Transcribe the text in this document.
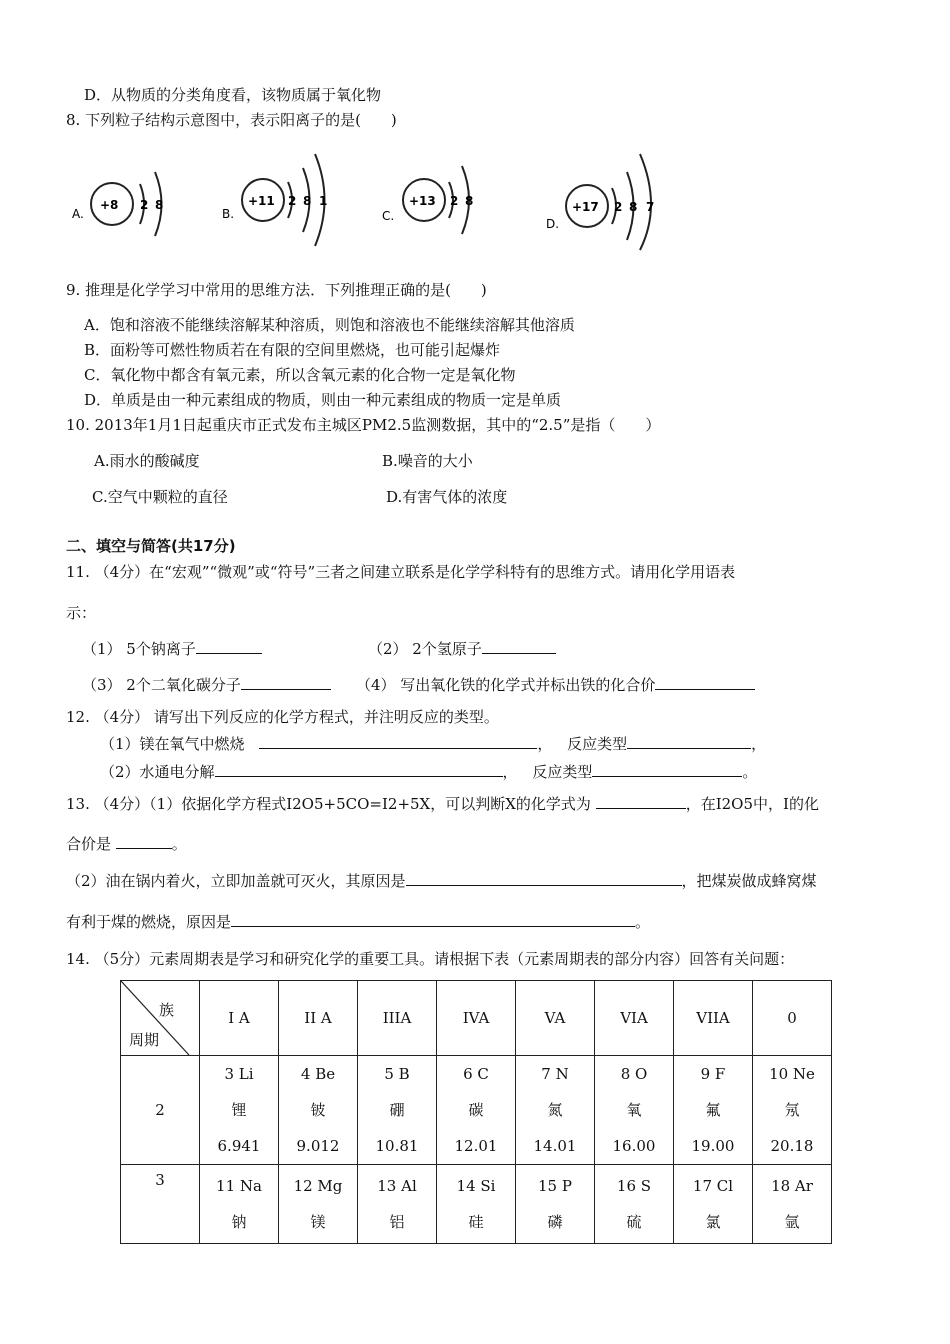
D．从物质的分类角度看，该物质属于氧化物
8. 下列粒子结构示意图中，表示阳离子的是(　　)
A.
+8 2 8
B.
+11 2 8 1
C.
+13 2 8
D.
+17 2 8 7
9. 推理是化学学习中常用的思维方法．下列推理正确的是(　　)
A．饱和溶液不能继续溶解某种溶质，则饱和溶液也不能继续溶解其他溶质
B．面粉等可燃性物质若在有限的空间里燃烧，也可能引起爆炸
C．氧化物中都含有氧元素，所以含氧元素的化合物一定是氧化物
D．单质是由一种元素组成的物质，则由一种元素组成的物质一定是单质
10. 2013年1月1日起重庆市正式发布主城区PM2.5监测数据，其中的“2.5”是指（　　）
A.雨水的酸碱度	B.噪音的大小
C.空气中颗粒的直径	D.有害气体的浓度
二、填空与简答(共17分)
11. （4分）在“宏观”“微观”或“符号”三者之间建立联系是化学学科特有的思维方式。请用化学用语表
示：
（1） 5个钠离子	（2） 2个氢原子
（3） 2个二氧化碳分子	（4） 写出氧化铁的化学式并标出铁的化合价
12. （4分） 请写出下列反应的化学方程式，并注明反应的类型。
（1）镁在氧气中燃烧	， 反应类型	，
（2）水通电分解	， 反应类型	。
13. （4分）（1）依据化学方程式I2O5+5CO=I2+5X，可以判断X的化学式为	，在I2O5中，I的化
合价是	。
（2）油在锅内着火，立即加盖就可灭火，其原因是	，把煤炭做成蜂窝煤
有利于煤的燃烧，原因是	。
14. （5分）元素周期表是学习和研究化学的重要工具。请根据下表（元素周期表的部分内容）回答有关问题：
族
周期	I A	II A	IIIA	IVA	VA	VIA	VIIA	0
2	3 Li
锂
6.941	4 Be
铍
9.012	5 B
硼
10.81	6 C
碳
12.01	7 N
氮
14.01	8 O
氧
16.00	9 F
氟
19.00	10 Ne
氖
20.18

3	11 Na
钠	12 Mg
镁	13 Al
铝	14 Si
硅	15 P
磷	16 S
硫	17 Cl
氯	18 Ar
氩
